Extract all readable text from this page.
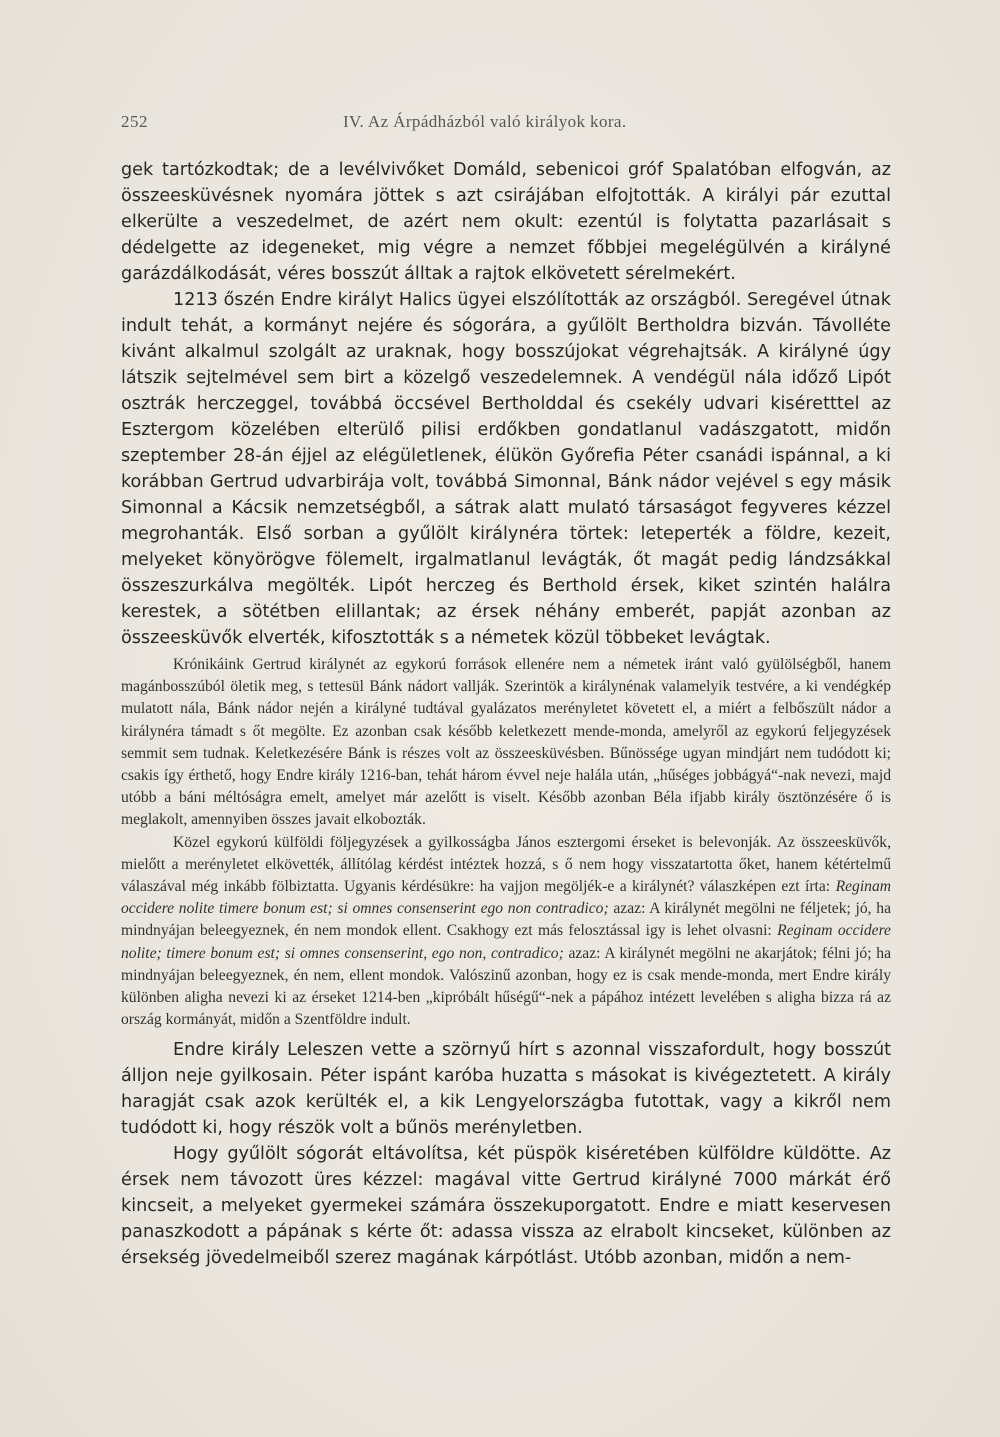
252	IV. Az Árpádházból való királyok kora.

gek tartózkodtak; de a levélvivőket Domáld, sebenicoi gróf Spalatóban elfogván, az összeesküvésnek nyomára jöttek s azt csirájában elfojtották. A királyi pár ezuttal elkerülte a veszedelmet, de azért nem okult: ezentúl is folytatta pazarlásait s dédelgette az idegeneket, mig végre a nemzet főbbjei megelégülvén a királyné garázdálkodását, véres bosszút álltak a rajtok elkövetett sérelmekért.

1213 őszén Endre királyt Halics ügyei elszólították az országból. Seregével útnak indult tehát, a kormányt nejére és sógorára, a gyűlölt Bertholdra bizván. Távolléte kivánt alkalmul szolgált az uraknak, hogy bosszújokat végrehajtsák. A királyné úgy látszik sejtelmével sem birt a közelgő veszedelemnek. A vendégül nála időző Lipót osztrák herczeggel, továbbá öccsével Bertholddal és csekély udvari kiséretttel az Esztergom közelében elterülő pilisi erdőkben gondatlanul vadászgatott, midőn szeptember 28-án éjjel az elégületlenek, élükön Győrefia Péter csanádi ispánnal, a ki korábban Gertrud udvarbirája volt, továbbá Simonnal, Bánk nádor vejével s egy másik Simonnal a Kácsik nemzetségből, a sátrak alatt mulató társaságot fegyveres kézzel megrohanták. Első sorban a gyűlölt királynéra törtek: leteperték a földre, kezeit, melyeket könyörögve fölemelt, irgalmatlanul levágták, őt magát pedig lándzsákkal összeszurkálva megölték. Lipót herczeg és Berthold érsek, kiket szintén halálra kerestek, a sötétben elillantak; az érsek néhány emberét, papját azonban az összeesküvők elverték, kifosztották s a németek közül többeket levágtak.

Krónikáink Gertrud királynét az egykorú források ellenére nem a németek iránt való gyülölségből, hanem magánbosszúból öletik meg, s tettesül Bánk nádort vallják. Szerintök a királynénak valamelyik testvére, a ki vendégkép mulatott nála, Bánk nádor nején a királyné tudtával gyalázatos merényletet követett el, a miért a felbőszült nádor a királynéra támadt s őt megölte. Ez azonban csak később keletkezett mende-monda, amelyről az egykorú feljegyzések semmit sem tudnak. Keletkezésére Bánk is részes volt az összeesküvésben. Bűnössége ugyan mindjárt nem tudódott ki; csakis így érthető, hogy Endre király 1216-ban, tehát három évvel neje halála után, „hűséges jobbágyá“-nak nevezi, majd utóbb a báni méltóságra emelt, amelyet már azelőtt is viselt. Később azonban Béla ifjabb király ösztönzésére ő is meglakolt, amennyiben összes javait elkobozták.

Közel egykorú külföldi följegyzések a gyilkosságba János esztergomi érseket is belevonják. Az összeesküvők, mielőtt a merényletet elkövették, állítólag kérdést intéztek hozzá, s ő nem hogy visszatartotta őket, hanem kétértelmű válaszával még inkább fölbiztatta. Ugyanis kérdésükre: ha vajjon megöljék-e a királynét? válaszképen ezt írta: Reginam occidere nolite timere bonum est; si omnes consenserint ego non contradico; azaz: A királynét megölni ne féljetek; jó, ha mindnyájan beleegyeznek, én nem mondok ellent. Csakhogy ezt más felosztással igy is lehet olvasni: Reginam occidere nolite; timere bonum est; si omnes consenserint, ego non, contradico; azaz: A királynét megölni ne akarjátok; félni jó; ha mindnyájan beleegyeznek, én nem, ellent mondok. Valószinű azonban, hogy ez is csak mende-monda, mert Endre király különben aligha nevezi ki az érseket 1214-ben „kipróbált hűségű“-nek a pápához intézett levelében s aligha bizza rá az ország kormányát, midőn a Szentföldre indult.

Endre király Leleszen vette a szörnyű hírt s azonnal visszafordult, hogy bosszút álljon neje gyilkosain. Péter ispánt karóba huzatta s másokat is kivégeztetett. A király haragját csak azok kerülték el, a kik Lengyelországba futottak, vagy a kikről nem tudódott ki, hogy részök volt a bűnös merényletben.

Hogy gyűlölt sógorát eltávolítsa, két püspök kiséretében külföldre küldötte. Az érsek nem távozott üres kézzel: magával vitte Gertrud királyné 7000 márkát érő kincseit, a melyeket gyermekei számára összekuporgatott. Endre e miatt keservesen panaszkodott a pápának s kérte őt: adassa vissza az elrabolt kincseket, különben az érsekség jövedelmeiből szerez magának kárpótlást. Utóbb azonban, midőn a nem-
